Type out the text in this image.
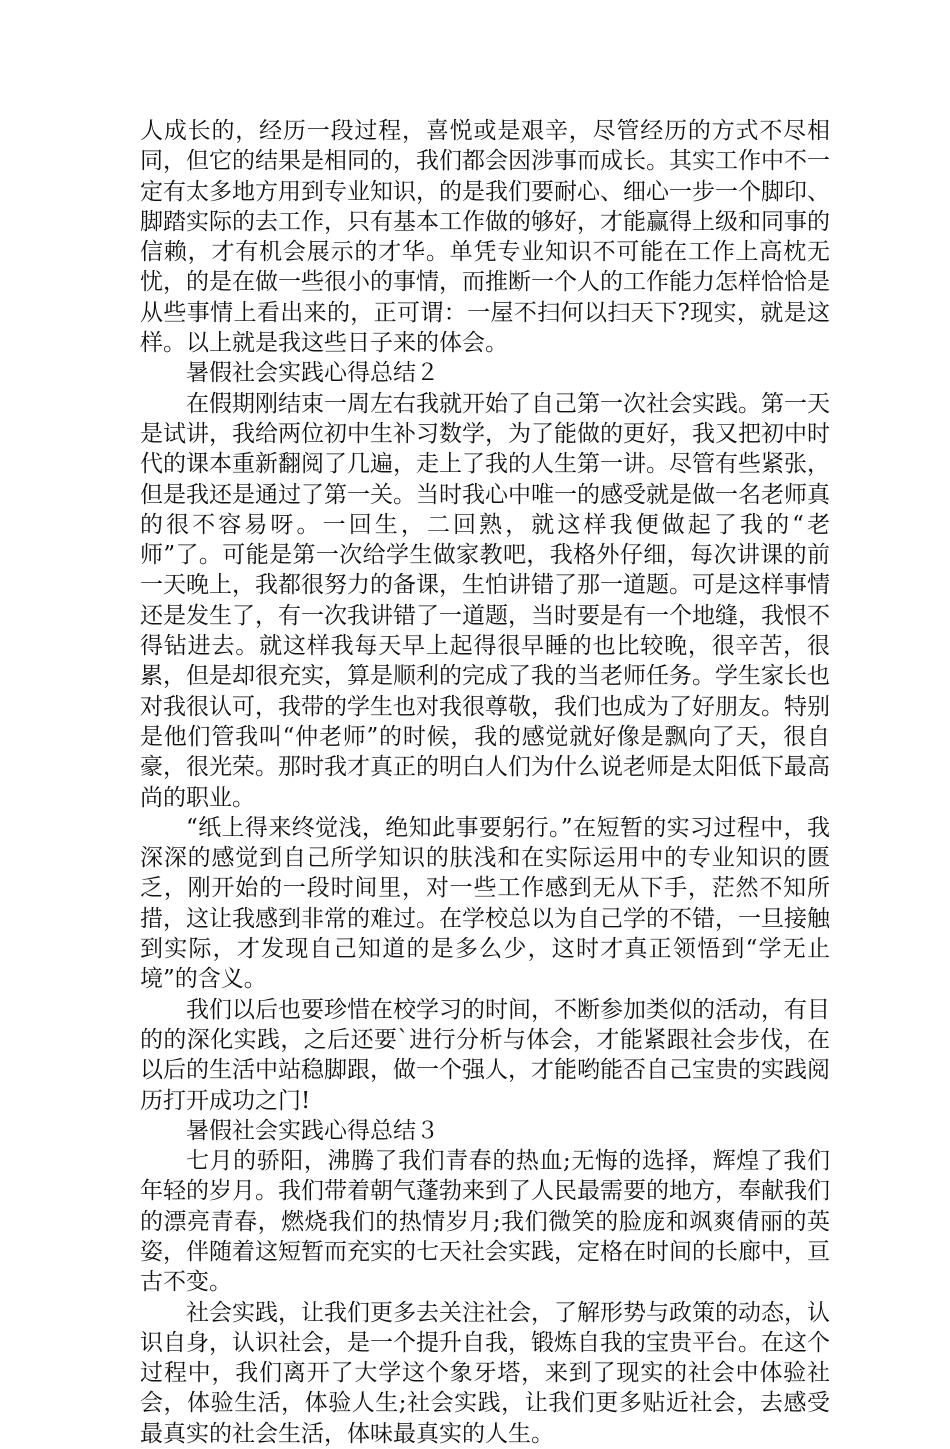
人成长的，经历一段过程，喜悦或是艰辛，尽管经历的方式不尽相同，但它的结果是相同的，我们都会因涉事而成长。其实工作中不一定有太多地方用到专业知识，的是我们要耐心、细心一步一个脚印、脚踏实际的去工作，只有基本工作做的够好，才能赢得上级和同事的信赖，才有机会展示的才华。单凭专业知识不可能在工作上高枕无忧，的是在做一些很小的事情，而推断一个人的工作能力怎样恰恰是从些事情上看出来的，正可谓：一屋不扫何以扫天下?现实，就是这样。以上就是我这些日子来的体会。

暑假社会实践心得总结２

在假期刚结束一周左右我就开始了自己第一次社会实践。第一天是试讲，我给两位初中生补习数学，为了能做的更好，我又把初中时代的课本重新翻阅了几遍，走上了我的人生第一讲。尽管有些紧张，但是我还是通过了第一关。当时我心中唯一的感受就是做一名老师真的很不容易呀。一回生，二回熟，就这样我便做起了我的“老师”了。可能是第一次给学生做家教吧，我格外仔细，每次讲课的前一天晚上，我都很努力的备课，生怕讲错了那一道题。可是这样事情还是发生了，有一次我讲错了一道题，当时要是有一个地缝，我恨不得钻进去。就这样我每天早上起得很早睡的也比较晚，很辛苦，很累，但是却很充实，算是顺利的完成了我的当老师任务。学生家长也对我很认可，我带的学生也对我很尊敬，我们也成为了好朋友。特别是他们管我叫“仲老师”的时候，我的感觉就好像是飘向了天，很自豪，很光荣。那时我才真正的明白人们为什么说老师是太阳低下最高尚的职业。

“纸上得来终觉浅，绝知此事要躬行。”在短暂的实习过程中，我深深的感觉到自己所学知识的肤浅和在实际运用中的专业知识的匮乏，刚开始的一段时间里，对一些工作感到无从下手，茫然不知所措，这让我感到非常的难过。在学校总以为自己学的不错，一旦接触到实际，才发现自己知道的是多么少，这时才真正领悟到“学无止境”的含义。

我们以后也要珍惜在校学习的时间，不断参加类似的活动，有目的的深化实践，之后还要`进行分析与体会，才能紧跟社会步伐，在以后的生活中站稳脚跟，做一个强人，才能哟能否自己宝贵的实践阅历打开成功之门!

暑假社会实践心得总结３

七月的骄阳，沸腾了我们青春的热血;无悔的选择，辉煌了我们年轻的岁月。我们带着朝气蓬勃来到了人民最需要的地方，奉献我们的漂亮青春，燃烧我们的热情岁月;我们微笑的脸庞和飒爽倩丽的英姿，伴随着这短暂而充实的七天社会实践，定格在时间的长廊中，亘古不变。

社会实践，让我们更多去关注社会，了解形势与政策的动态，认识自身，认识社会，是一个提升自我，锻炼自我的宝贵平台。在这个过程中，我们离开了大学这个象牙塔，来到了现实的社会中体验社会，体验生活，体验人生;社会实践，让我们更多贴近社会，去感受最真实的社会生活，体味最真实的人生。
